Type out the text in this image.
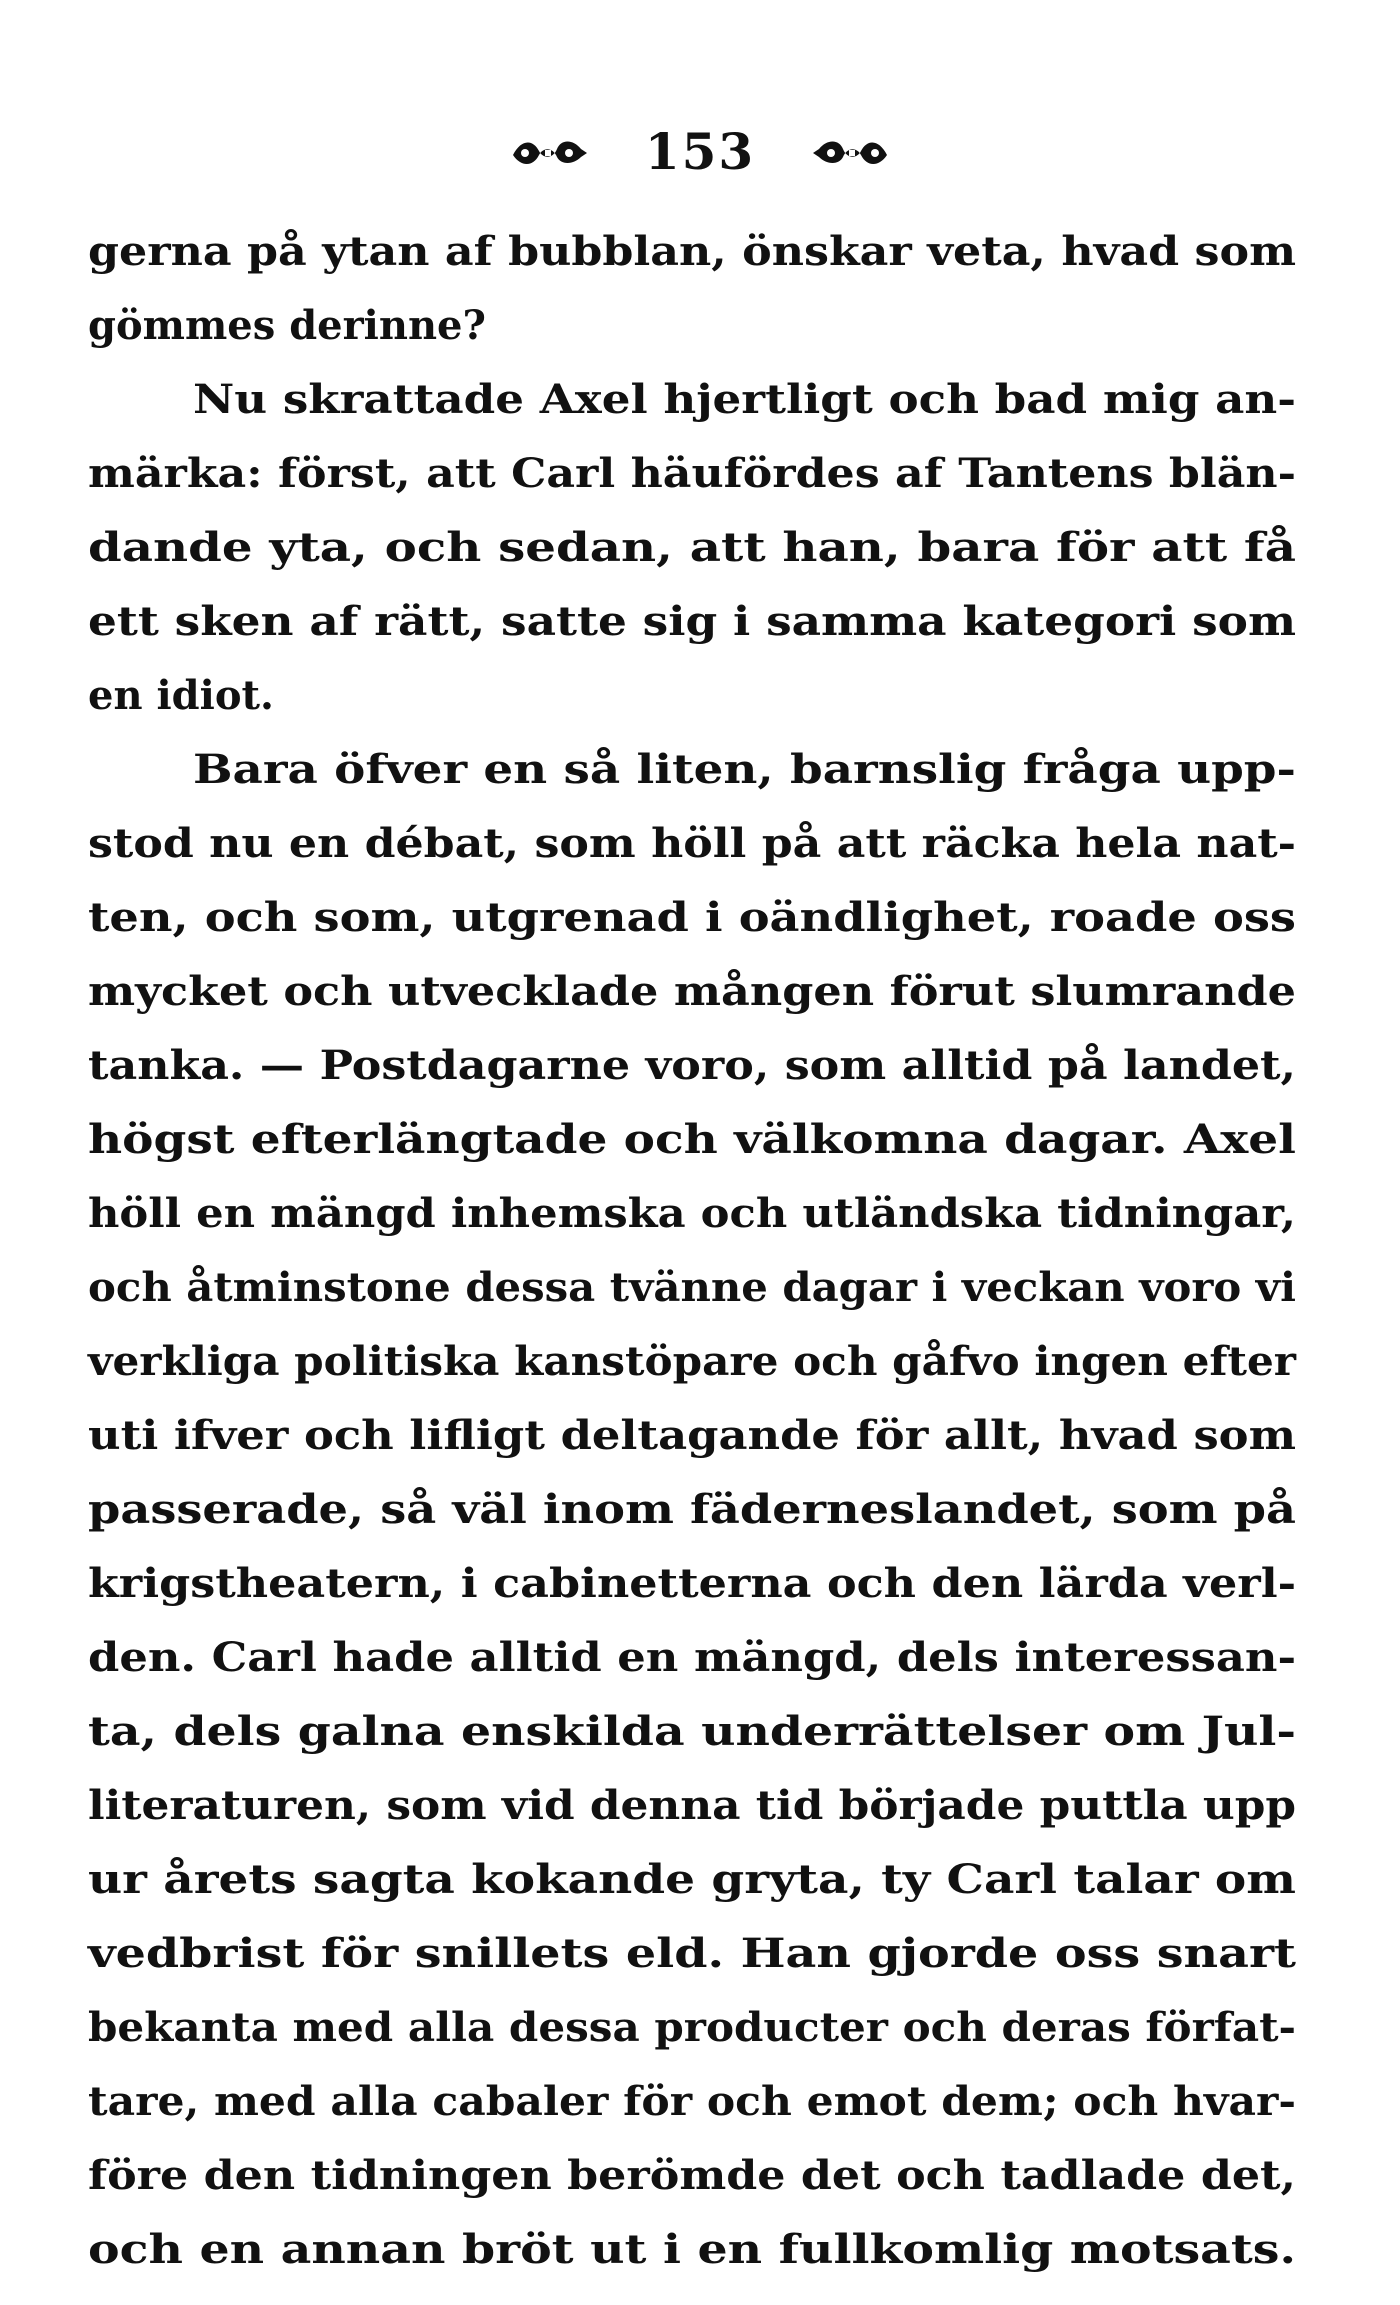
153
gerna på ytan af bubblan, önskar veta, hvad som
gömmes derinne?
Nu skrattade Axel hjertligt och bad mig an-
märka: först, att Carl häufördes af Tantens blän-
dande yta, och sedan, att han, bara för att få
ett sken af rätt, satte sig i samma kategori som
en idiot.
Bara öfver en så liten, barnslig fråga upp-
stod nu en débat, som höll på att räcka hela nat-
ten, och som, utgrenad i oändlighet, roade oss
mycket och utvecklade mången förut slumrande
tanka. — Postdagarne voro, som alltid på landet,
högst efterlängtade och välkomna dagar. Axel
höll en mängd inhemska och utländska tidningar,
och åtminstone dessa tvänne dagar i veckan voro vi
verkliga politiska kanstöpare och gåfvo ingen efter
uti ifver och lifligt deltagande för allt, hvad som
passerade, så väl inom fäderneslandet, som på
krigstheatern, i cabinetterna och den lärda verl-
den. Carl hade alltid en mängd, dels interessan-
ta, dels galna enskilda underrättelser om Jul-
literaturen, som vid denna tid började puttla upp
ur årets sagta kokande gryta, ty Carl talar om
vedbrist för snillets eld. Han gjorde oss snart
bekanta med alla dessa producter och deras förfat-
tare, med alla cabaler för och emot dem; och hvar-
före den tidningen berömde det och tadlade det,
och en annan bröt ut i en fullkomlig motsats.
